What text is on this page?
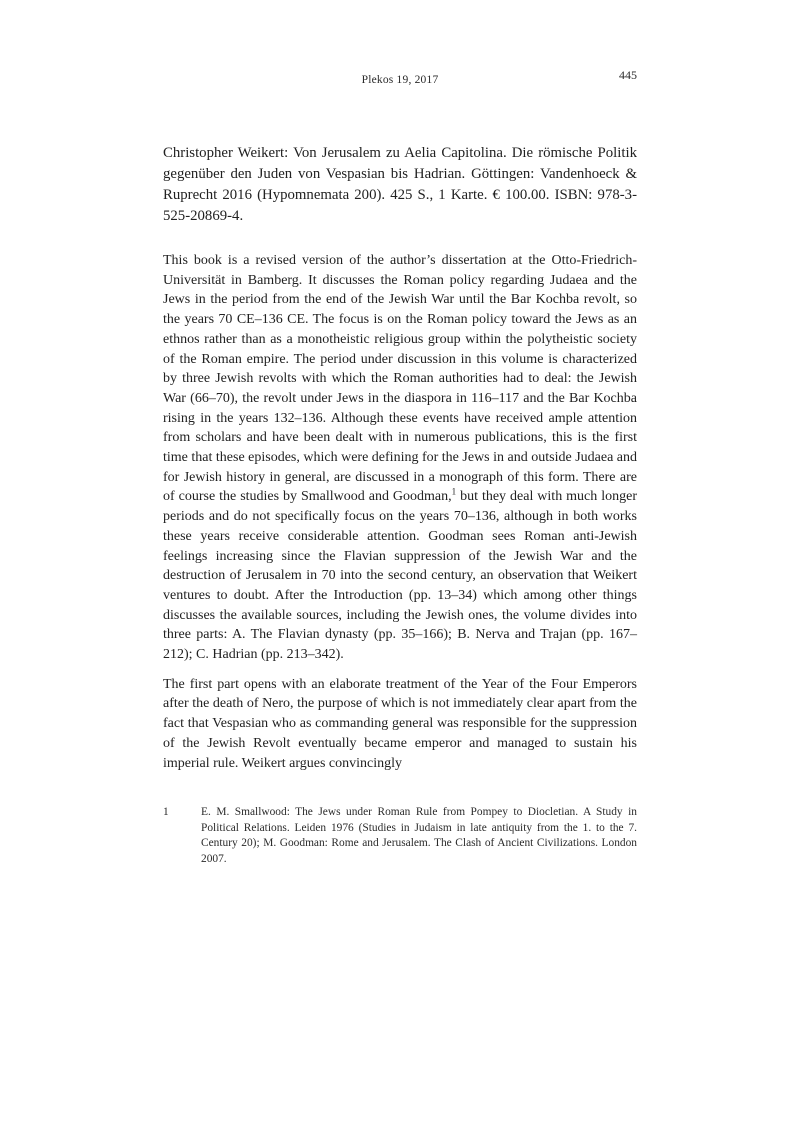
Plekos 19, 2017	445

Christopher Weikert: Von Jerusalem zu Aelia Capitolina. Die römische Politik gegenüber den Juden von Vespasian bis Hadrian. Göttingen: Vandenhoeck & Ruprecht 2016 (Hypomnemata 200). 425 S., 1 Karte. € 100.00. ISBN: 978-3-525-20869-4.

This book is a revised version of the author’s dissertation at the Otto-Friedrich-Universität in Bamberg. It discusses the Roman policy regarding Judaea and the Jews in the period from the end of the Jewish War until the Bar Kochba revolt, so the years 70 CE–136 CE. The focus is on the Roman policy toward the Jews as an ethnos rather than as a monotheistic religious group within the polytheistic society of the Roman empire. The period under discussion in this volume is characterized by three Jewish revolts with which the Roman authorities had to deal: the Jewish War (66–70), the revolt under Jews in the diaspora in 116–117 and the Bar Kochba rising in the years 132–136. Although these events have received ample attention from scholars and have been dealt with in numerous publications, this is the first time that these episodes, which were defining for the Jews in and outside Judaea and for Jewish history in general, are discussed in a monograph of this form. There are of course the studies by Smallwood and Goodman,$^1$ but they deal with much longer periods and do not specifically focus on the years 70–136, although in both works these years receive considerable attention. Goodman sees Roman anti-Jewish feelings increasing since the Flavian suppression of the Jewish War and the destruction of Jerusalem in 70 into the second century, an observation that Weikert ventures to doubt. After the Introduction (pp. 13–34) which among other things discusses the available sources, including the Jewish ones, the volume divides into three parts: A. The Flavian dynasty (pp. 35–166); B. Nerva and Trajan (pp. 167–212); C. Hadrian (pp. 213–342).

The first part opens with an elaborate treatment of the Year of the Four Emperors after the death of Nero, the purpose of which is not immediately clear apart from the fact that Vespasian who as commanding general was responsible for the suppression of the Jewish Revolt eventually became emperor and managed to sustain his imperial rule. Weikert argues convincingly

1	E. M. Smallwood: The Jews under Roman Rule from Pompey to Diocletian. A Study in Political Relations. Leiden 1976 (Studies in Judaism in late antiquity from the 1. to the 7. Century 20); M. Goodman: Rome and Jerusalem. The Clash of Ancient Civilizations. London 2007.
